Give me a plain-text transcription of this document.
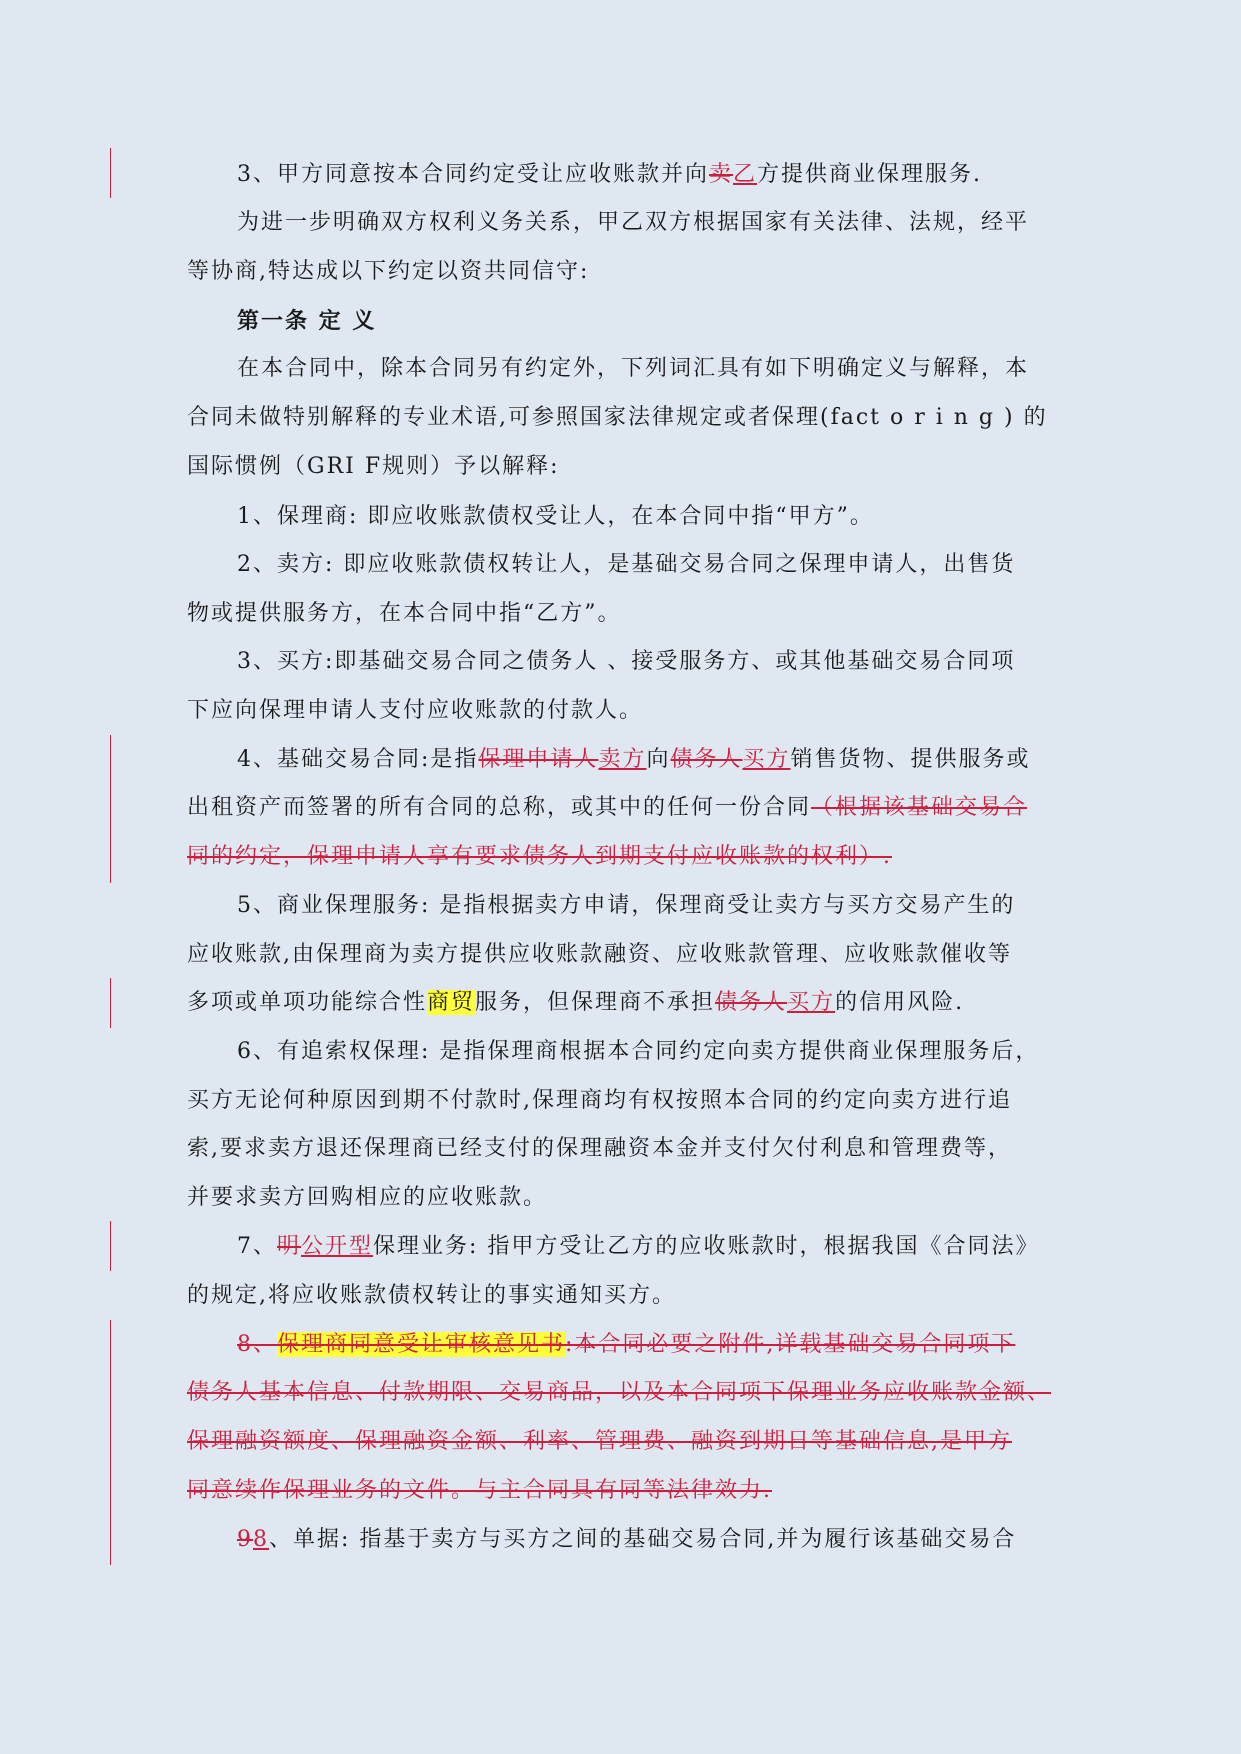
3、甲方同意按本合同约定受让应收账款并向卖乙方提供商业保理服务.
为进一步明确双方权利义务关系，甲乙双方根据国家有关法律、法规，经平
等协商,特达成以下约定以资共同信守:
第一条 定 义
在本合同中，除本合同另有约定外，下列词汇具有如下明确定义与解释，本
合同未做特别解释的专业术语,可参照国家法律规定或者保理(fact o r i n g ) 的
国际惯例（GRI F规则）予以解释:
1、保理商: 即应收账款债权受让人，在本合同中指“甲方”。
2、卖方: 即应收账款债权转让人，是基础交易合同之保理申请人，出售货
物或提供服务方，在本合同中指“乙方”。
3、买方:即基础交易合同之债务人 、接受服务方、或其他基础交易合同项
下应向保理申请人支付应收账款的付款人。
4、基础交易合同:是指保理申请人卖方向债务人买方销售货物、提供服务或
出租资产而签署的所有合同的总称，或其中的任何一份合同（根据该基础交易合
同的约定，保理申请人享有要求债务人到期支付应收账款的权利）.
5、商业保理服务: 是指根据卖方申请，保理商受让卖方与买方交易产生的
应收账款,由保理商为卖方提供应收账款融资、应收账款管理、应收账款催收等
多项或单项功能综合性商贸服务，但保理商不承担债务人买方的信用风险.
6、有追索权保理: 是指保理商根据本合同约定向卖方提供商业保理服务后，
买方无论何种原因到期不付款时,保理商均有权按照本合同的约定向卖方进行追
索,要求卖方退还保理商已经支付的保理融资本金并支付欠付利息和管理费等，
并要求卖方回购相应的应收账款。
7、明公开型保理业务: 指甲方受让乙方的应收账款时，根据我国《合同法》
的规定,将应收账款债权转让的事实通知买方。
8、保理商同意受让审核意见书:本合同必要之附件,详载基础交易合同项下
债务人基本信息、付款期限、交易商品，以及本合同项下保理业务应收账款金额、
保理融资额度、保理融资金额、利率、管理费、融资到期日等基础信息,是甲方
同意续作保理业务的文件。与主合同具有同等法律效力.
98、单据: 指基于卖方与买方之间的基础交易合同,并为履行该基础交易合
